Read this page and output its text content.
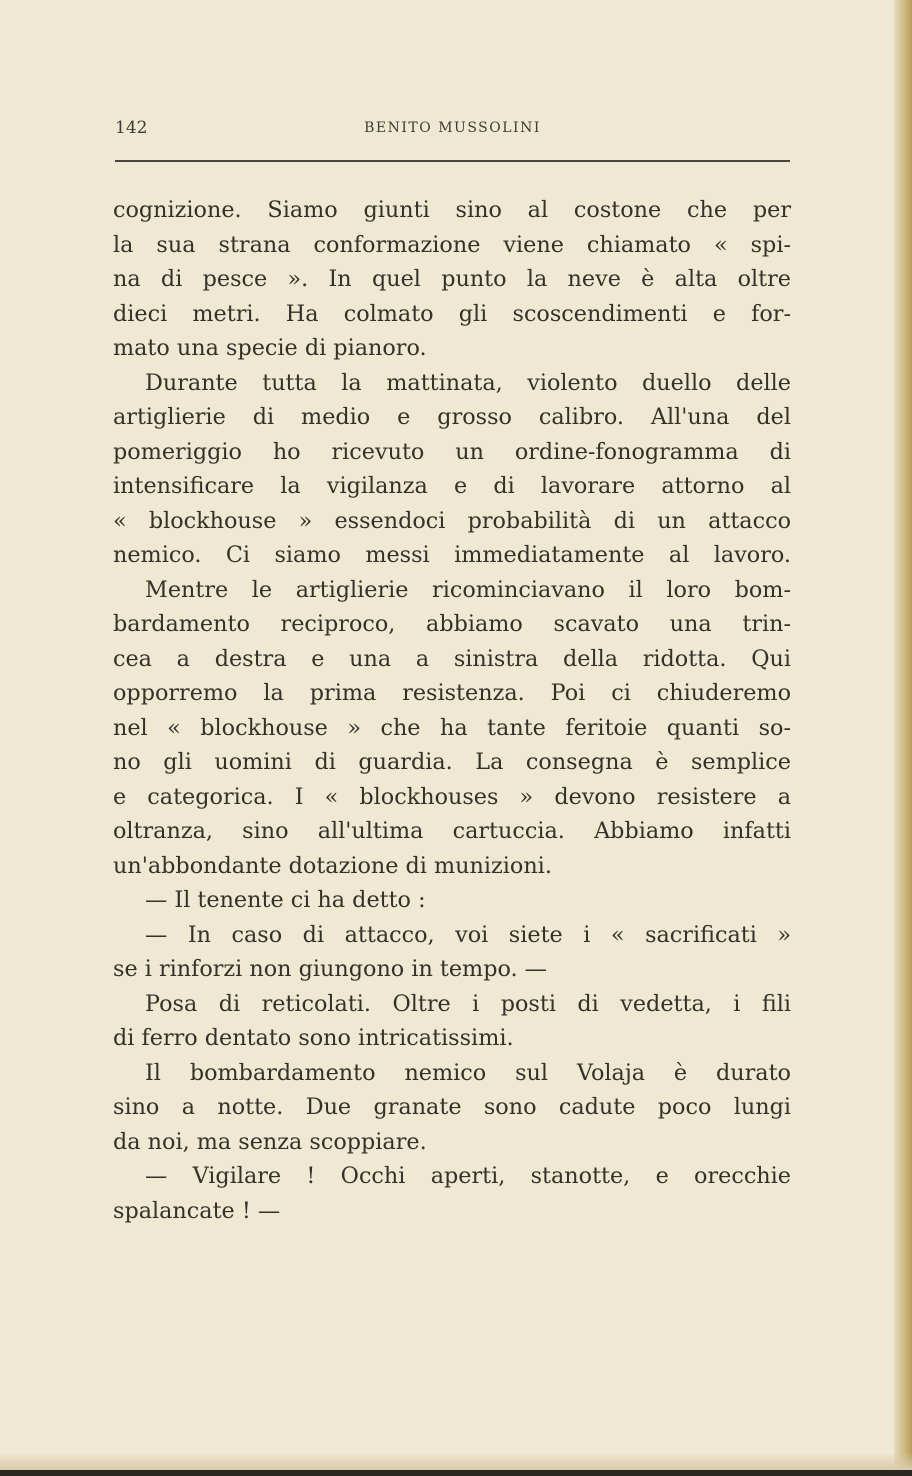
142	BENITO MUSSOLINI

cognizione. Siamo giunti sino al costone che per
la sua strana conformazione viene chiamato « spi-
na di pesce ». In quel punto la neve è alta oltre
dieci metri. Ha colmato gli scoscendimenti e for-
mato una specie di pianoro.

Durante tutta la mattinata, violento duello delle

artiglierie di medio e grosso calibro. All'una del
pomeriggio ho ricevuto un ordine-fonogramma di
intensificare la vigilanza e di lavorare attorno al
« blockhouse » essendoci probabilità di un attacco
nemico. Ci siamo messi immediatamente al lavoro.

Mentre le artiglierie ricominciavano il loro bom-

bardamento reciproco, abbiamo scavato una trin-
cea a destra e una a sinistra della ridotta. Qui
opporremo la prima resistenza. Poi ci chiuderemo
nel « blockhouse » che ha tante feritoie quanti so-
no gli uomini di guardia. La consegna è semplice
e categorica. I « blockhouses » devono resistere a
oltranza, sino all'ultima cartuccia. Abbiamo infatti
un'abbondante dotazione di munizioni.

— Il tenente ci ha detto :

— In caso di attacco, voi siete i « sacrificati »

se i rinforzi non giungono in tempo. —

Posa di reticolati. Oltre i posti di vedetta, i fili

di ferro dentato sono intricatissimi.

Il bombardamento nemico sul Volaja è durato

sino a notte. Due granate sono cadute poco lungi
da noi, ma senza scoppiare.

— Vigilare ! Occhi aperti, stanotte, e orecchie

spalancate ! —
